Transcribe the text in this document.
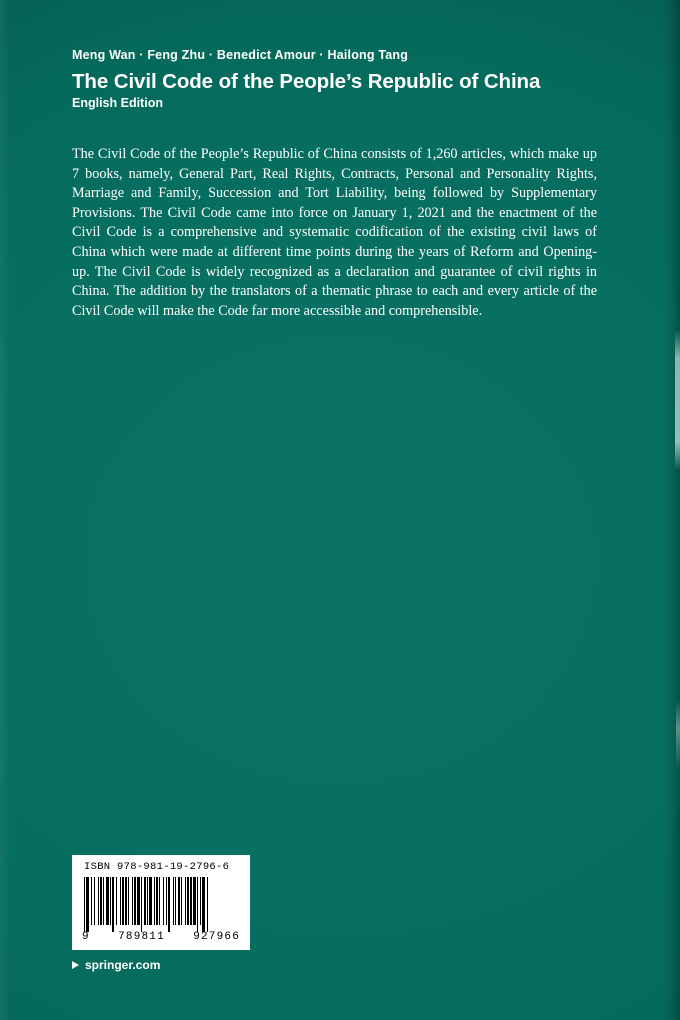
Meng Wan · Feng Zhu · Benedict Amour · Hailong Tang
The Civil Code of the People’s Republic of China
English Edition
The Civil Code of the People’s Republic of China consists of 1,260 articles, which make up 7 books, namely, General Part, Real Rights, Contracts, Personal and Personality Rights, Marriage and Family, Succession and Tort Liability, being followed by Supplementary Provisions. The Civil Code came into force on January 1, 2021 and the enactment of the Civil Code is a comprehensive and systematic codification of the existing civil laws of China which were made at different time points during the years of Reform and Opening-up. The Civil Code is widely recognized as a declaration and guarantee of civil rights in China. The addition by the translators of a thematic phrase to each and every article of the Civil Code will make the Code far more accessible and comprehensible.
ISBN 978-981-19-2796-6
9	789811	927966
springer.com
